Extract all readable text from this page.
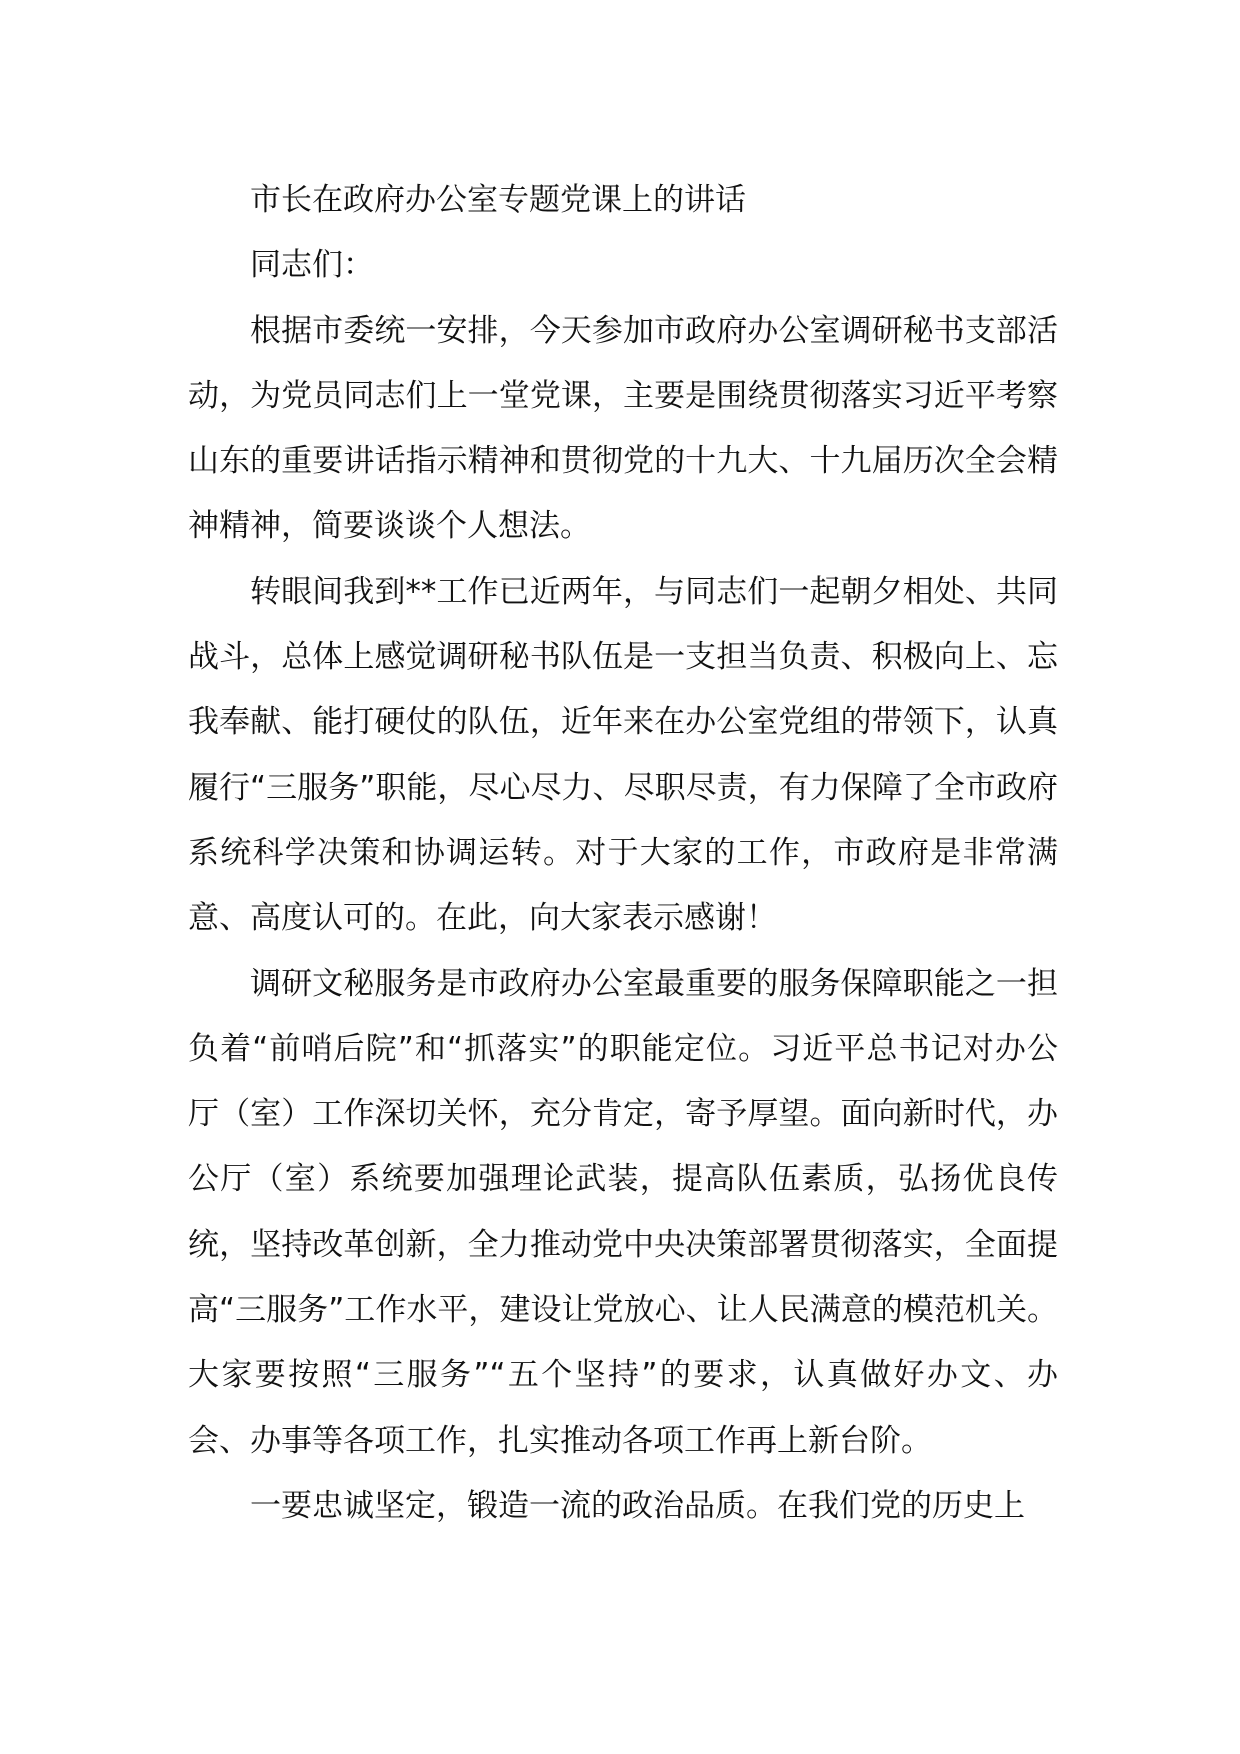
市长在政府办公室专题党课上的讲话

同志们：

根据市委统一安排，今天参加市政府办公室调研秘书支部活动，为党员同志们上一堂党课，主要是围绕贯彻落实习近平考察山东的重要讲话指示精神和贯彻党的十九大、十九届历次全会精神精神，简要谈谈个人想法。

转眼间我到**工作已近两年，与同志们一起朝夕相处、共同战斗，总体上感觉调研秘书队伍是一支担当负责、积极向上、忘我奉献、能打硬仗的队伍，近年来在办公室党组的带领下，认真履行“三服务”职能，尽心尽力、尽职尽责，有力保障了全市政府系统科学决策和协调运转。对于大家的工作，市政府是非常满意、高度认可的。在此，向大家表示感谢！

调研文秘服务是市政府办公室最重要的服务保障职能之一担负着“前哨后院”和“抓落实”的职能定位。习近平总书记对办公厅（室）工作深切关怀，充分肯定，寄予厚望。面向新时代，办公厅（室）系统要加强理论武装，提高队伍素质，弘扬优良传统，坚持改革创新，全力推动党中央决策部署贯彻落实，全面提高“三服务”工作水平，建设让党放心、让人民满意的模范机关。大家要按照“三服务”“五个坚持”的要求，认真做好办文、办会、办事等各项工作，扎实推动各项工作再上新台阶。

一要忠诚坚定，锻造一流的政治品质。在我们党的历史上
